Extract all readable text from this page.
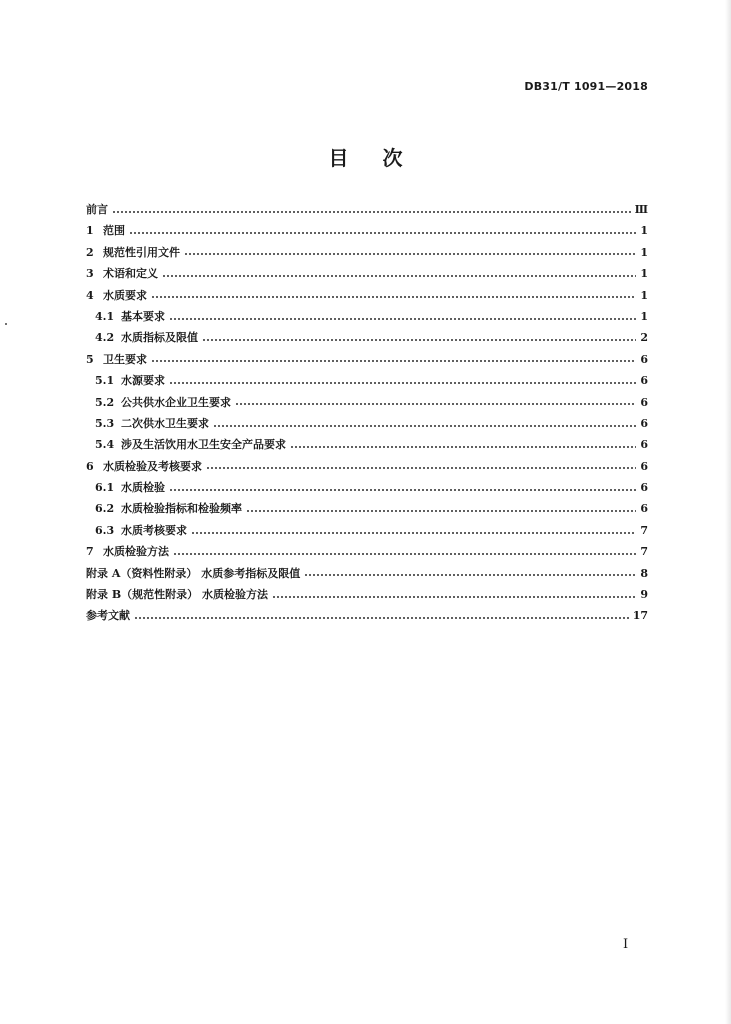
DB31/T 1091—2018
目次
前言	Ⅲ
1 范围	1
2 规范性引用文件	1
3 术语和定义	1
4 水质要求	1
4.1 基本要求	1
4.2 水质指标及限值	2
5 卫生要求	6
5.1 水源要求	6
5.2 公共供水企业卫生要求	6
5.3 二次供水卫生要求	6
5.4 涉及生活饮用水卫生安全产品要求	6
6 水质检验及考核要求	6
6.1 水质检验	6
6.2 水质检验指标和检验频率	6
6.3 水质考核要求	7
7 水质检验方法	7
附录 A（资料性附录） 水质参考指标及限值	8
附录 B（规范性附录） 水质检验方法	9
参考文献	17
I
